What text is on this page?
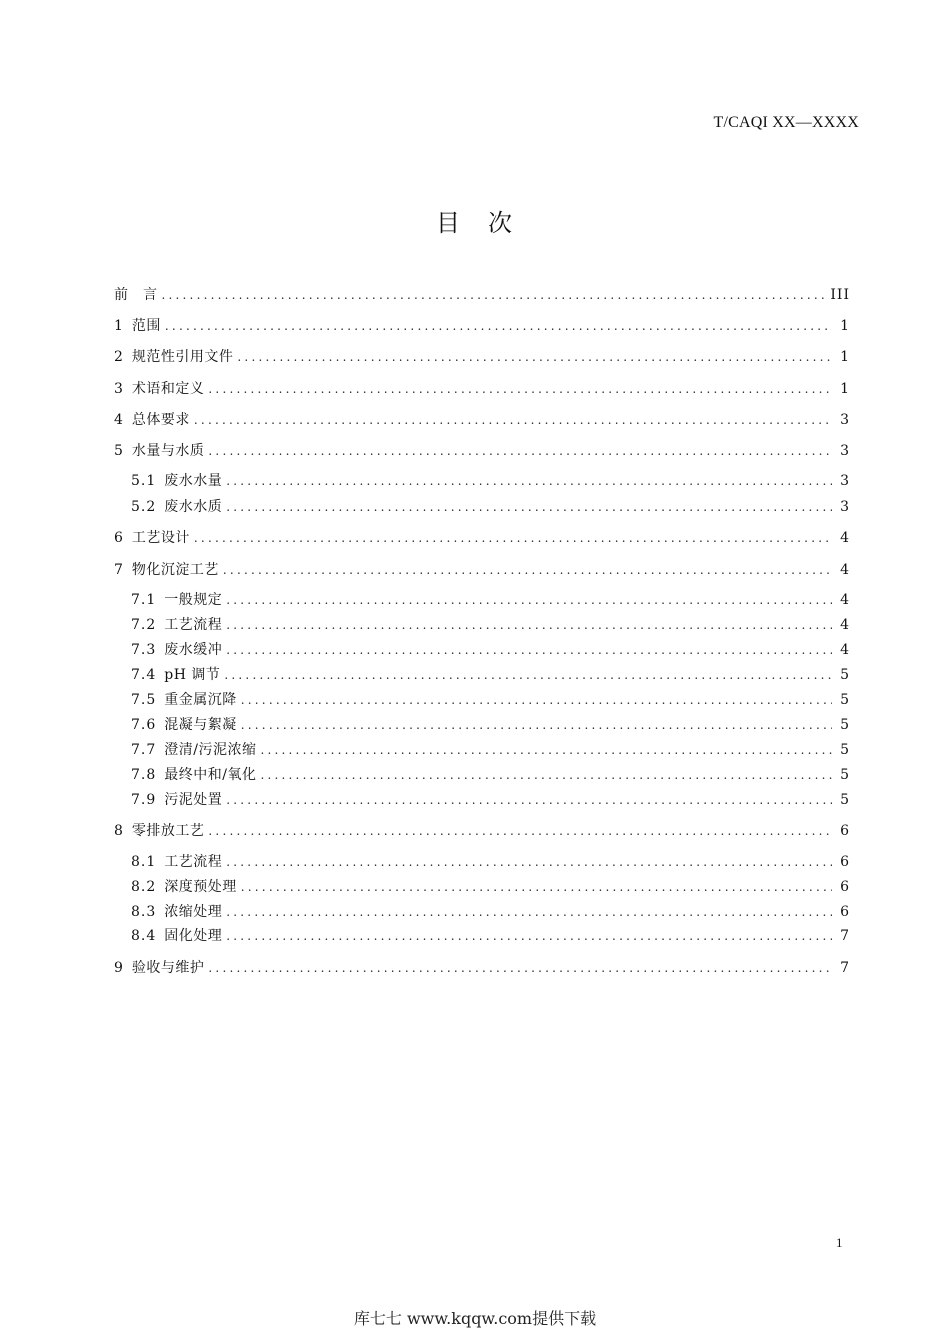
T/CAQI XX—XXXX
目 次
前　言 .....	III
1 范围 .....	1
2 规范性引用文件 .....	1
3 术语和定义 .....	1
4 总体要求 .....	3
5 水量与水质 .....	3
5.1 废水水量 .....	3
5.2 废水水质 .....	3
6 工艺设计 .....	4
7 物化沉淀工艺 .....	4
7.1 一般规定 .....	4
7.2 工艺流程 .....	4
7.3 废水缓冲 .....	4
7.4 pH 调节 .....	5
7.5 重金属沉降 .....	5
7.6 混凝与絮凝 .....	5
7.7 澄清/污泥浓缩 .....	5
7.8 最终中和/氧化 .....	5
7.9 污泥处置 .....	5
8 零排放工艺 .....	6
8.1 工艺流程 .....	6
8.2 深度预处理 .....	6
8.3 浓缩处理 .....	6
8.4 固化处理 .....	7
9 验收与维护 .....	7
1
库七七 www.kqqw.com提供下载
